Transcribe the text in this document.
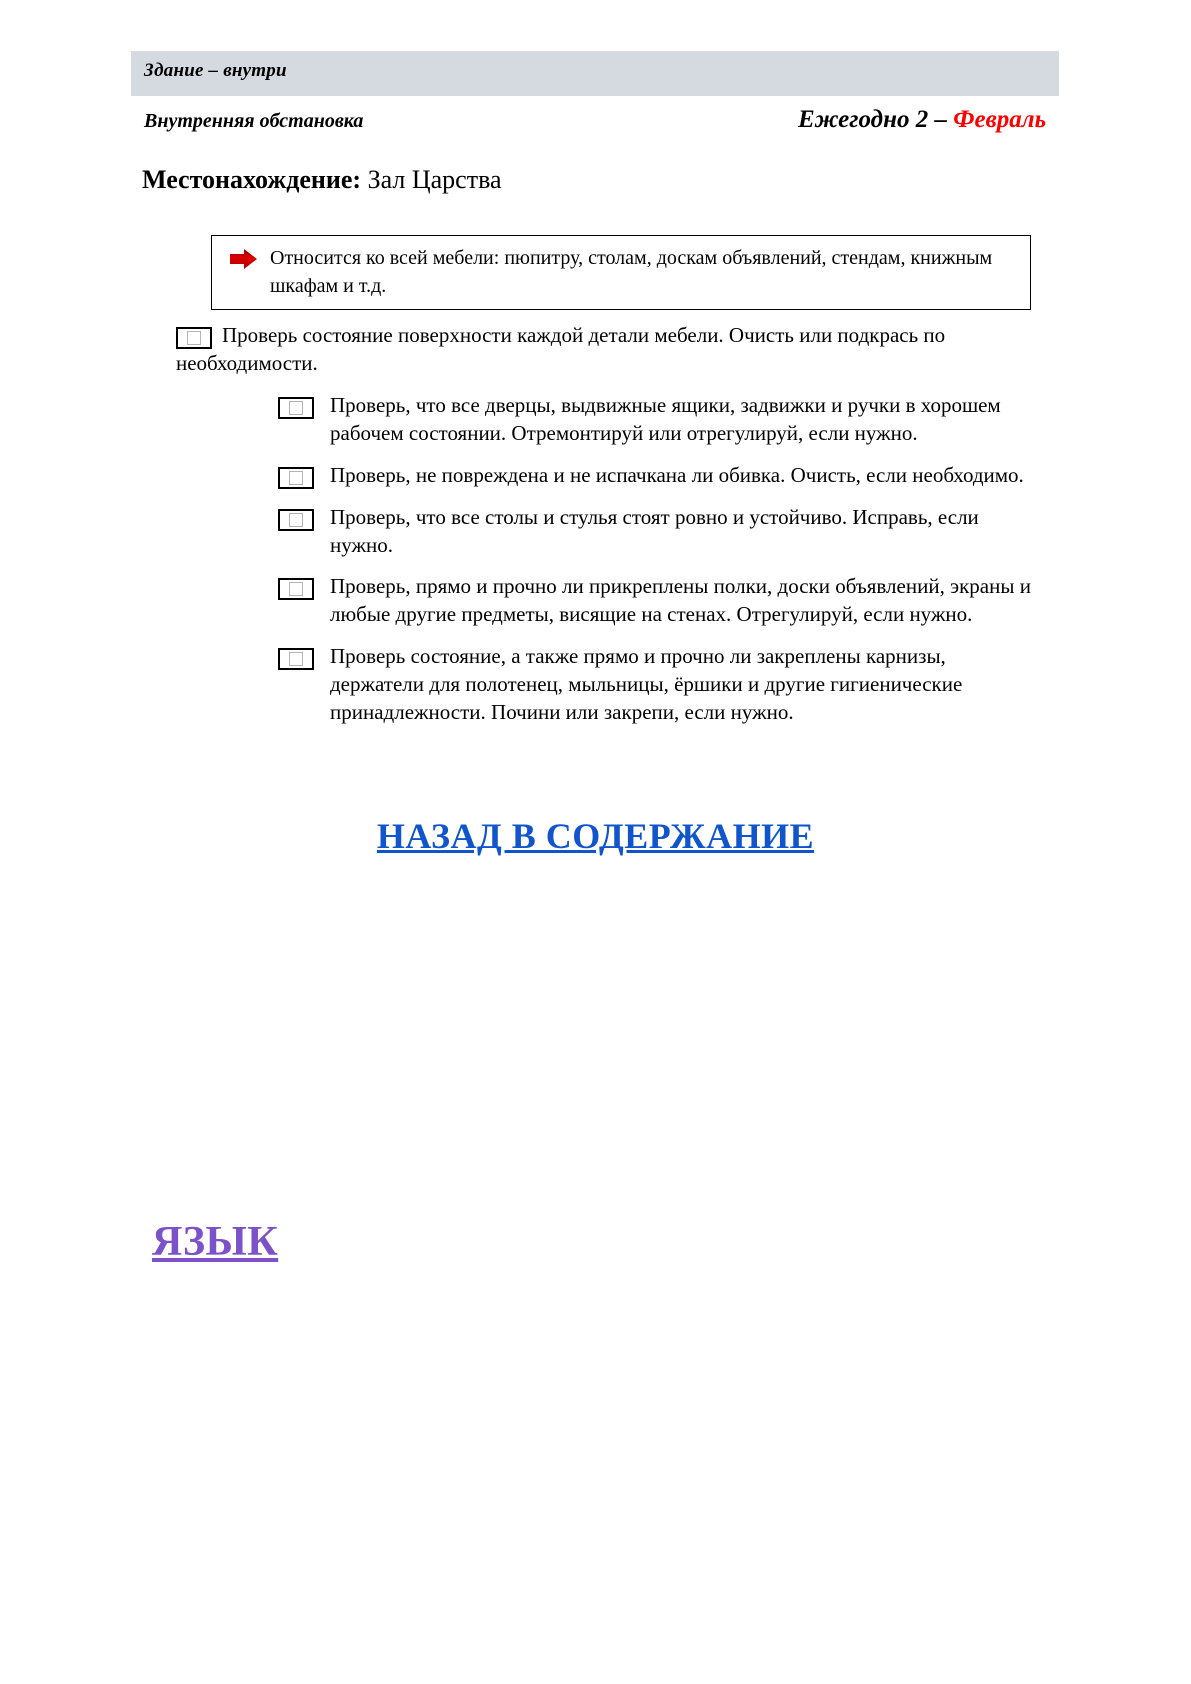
Здание – внутри
Внутренняя обстановка	Ежегодно 2 – Февраль
Местонахождение: Зал Царства
Относится ко всей мебели: пюпитру, столам, доскам объявлений, стендам, книжным шкафам и т.д.
Проверь состояние поверхности каждой детали мебели. Очисть или подкрась по необходимости.
Проверь, что все дверцы, выдвижные ящики, задвижки и ручки в хорошем рабочем состоянии. Отремонтируй или отрегулируй, если нужно.
Проверь, не повреждена и не испачкана ли обивка. Очисть, если необходимо.
Проверь, что все столы и стулья стоят ровно и устойчиво. Исправь, если нужно.
Проверь, прямо и прочно ли прикреплены полки, доски объявлений, экраны и любые другие предметы, висящие на стенах. Отрегулируй, если нужно.
Проверь состояние, а также прямо и прочно ли закреплены карнизы, держатели для полотенец, мыльницы, ёршики и другие гигиенические принадлежности. Почини или закрепи, если нужно.
НАЗАД В СОДЕРЖАНИЕ
ЯЗЫК
